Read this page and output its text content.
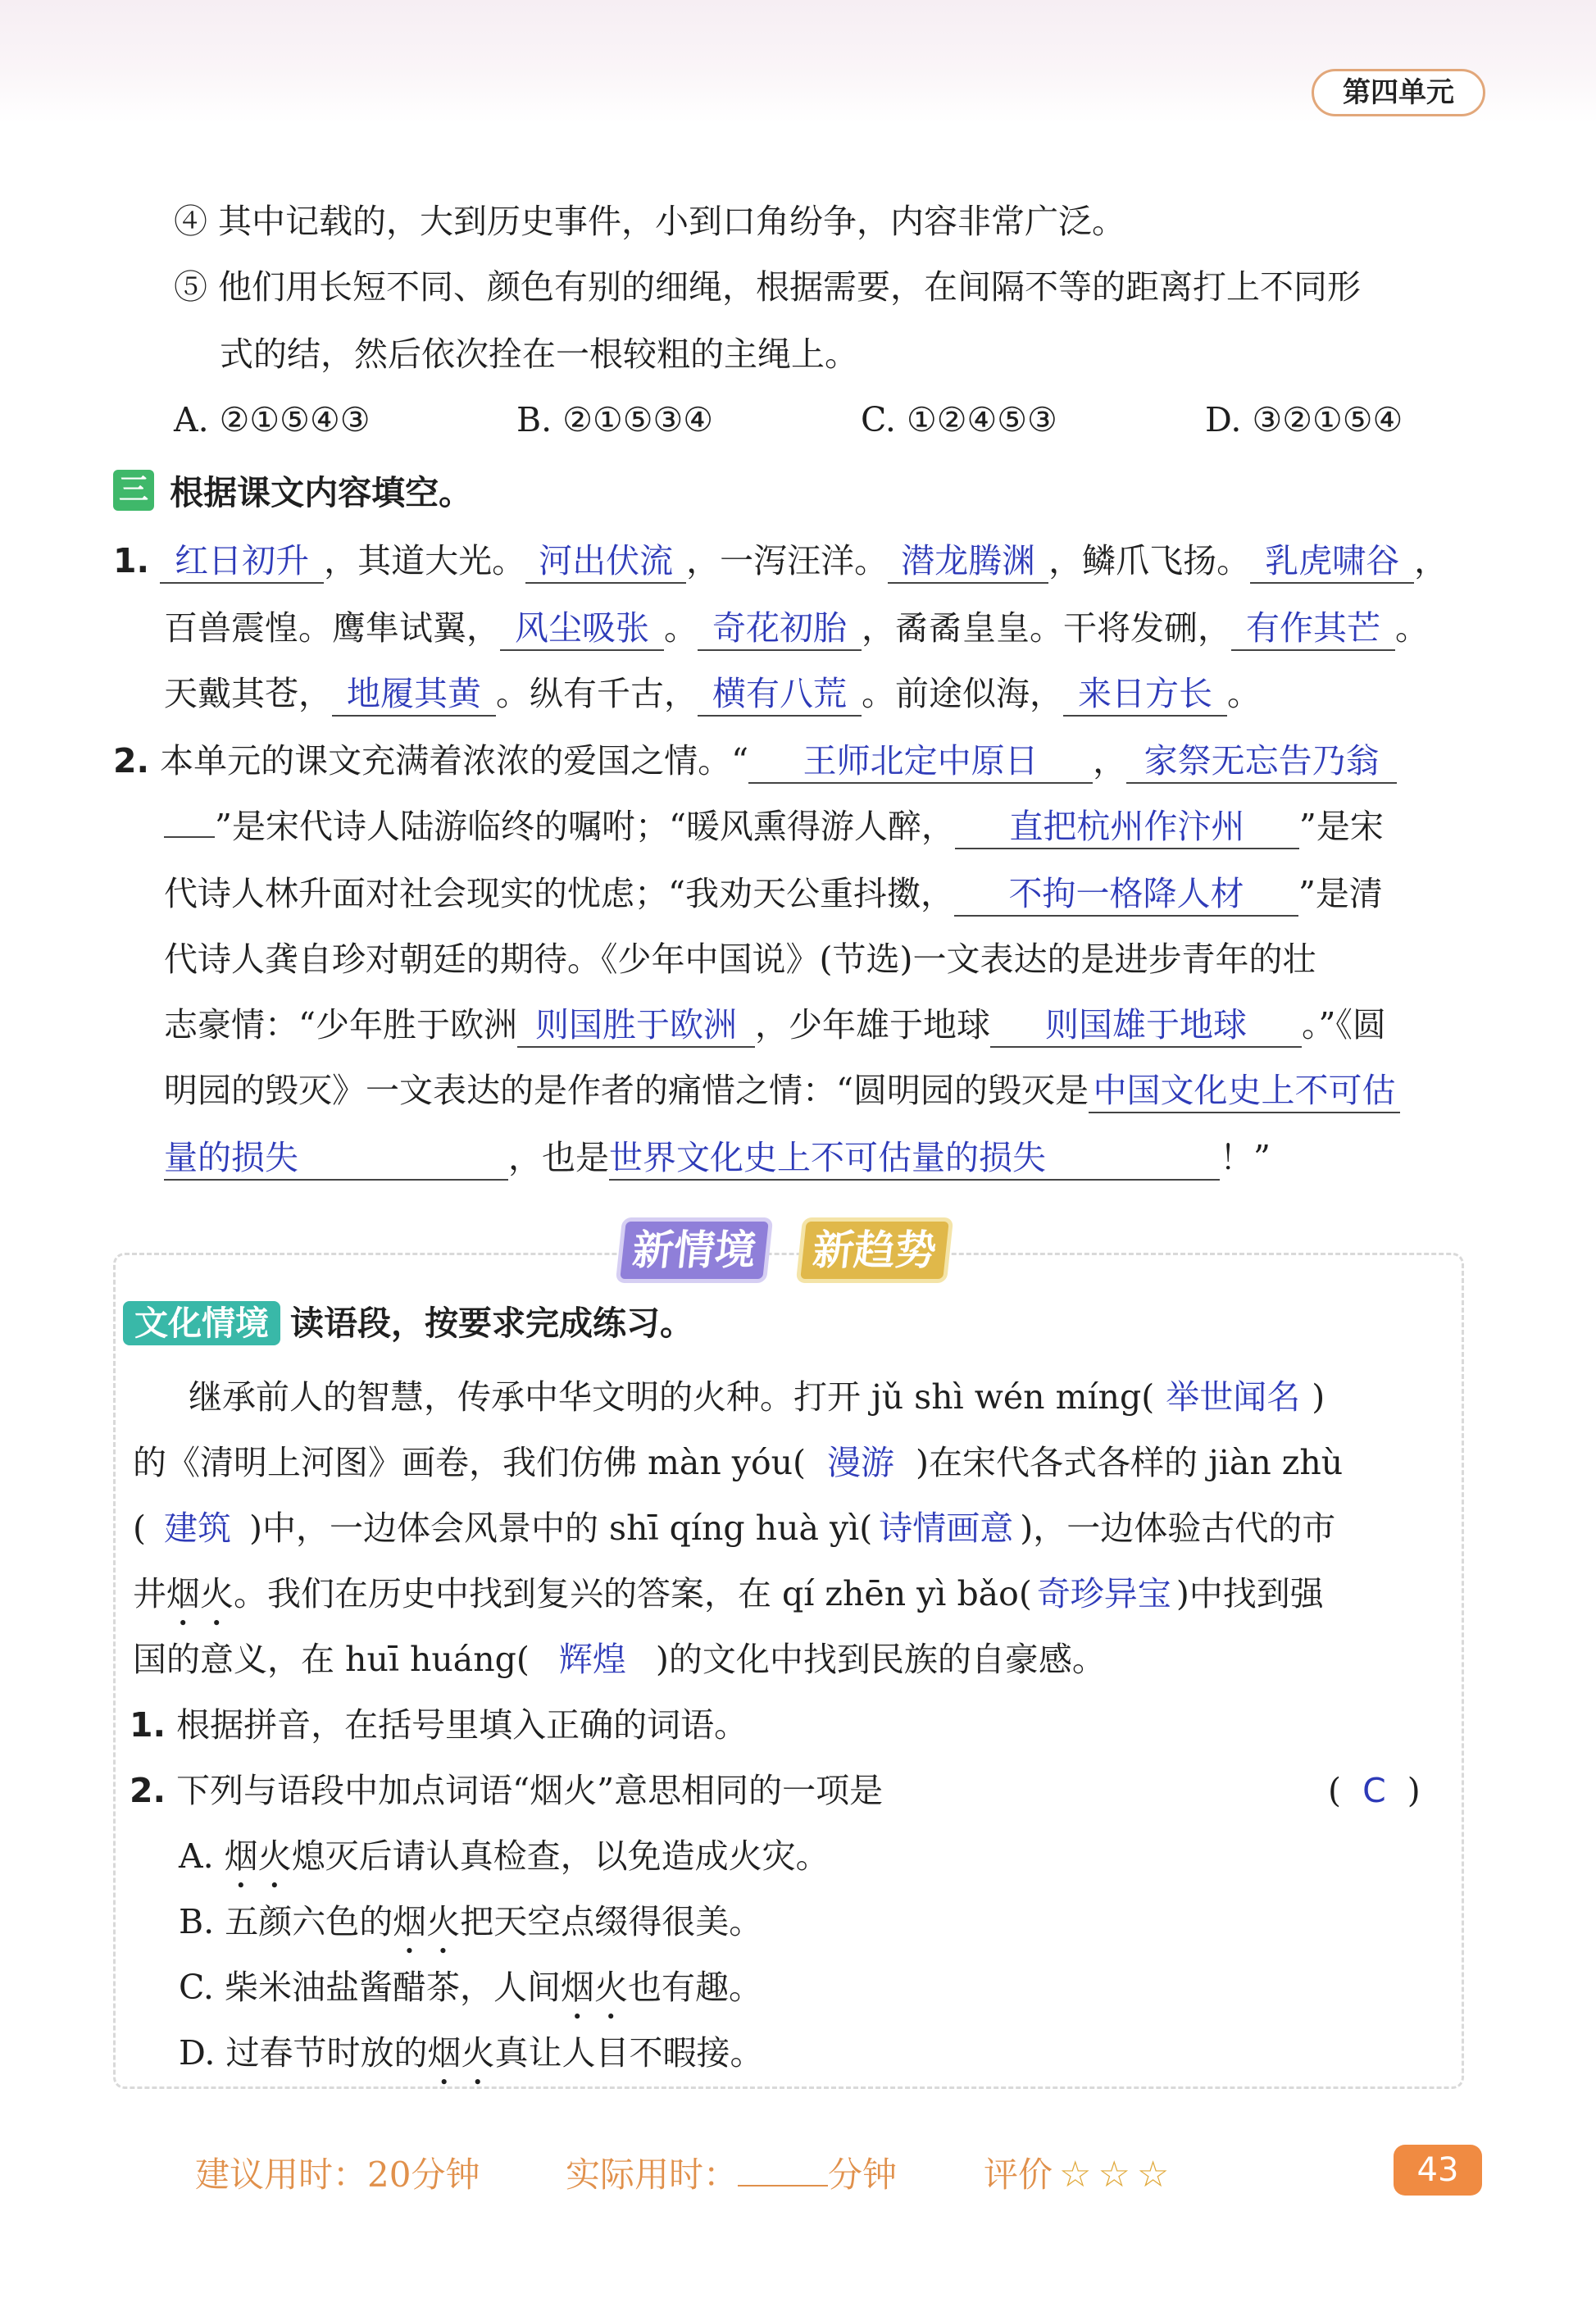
第四单元
④ 其中记载的，大到历史事件，小到口角纷争，内容非常广泛。
⑤ 他们用长短不同、颜色有别的细绳，根据需要，在间隔不等的距离打上不同形
式的结，然后依次拴在一根较粗的主绳上。
A. ②①⑤④③	B. ②①⑤③④	C. ①②④⑤③	D. ③②①⑤④
三 根据课文内容填空。
1. 红日初升 ，其道大光。 河出伏流 ，一泻汪洋。 潜龙腾渊 ，鳞爪飞扬。 乳虎啸谷 ，
百兽震惶。鹰隼试翼， 风尘吸张 。 奇花初胎 ，矞矞皇皇。干将发硎， 有作其芒 。
天戴其苍， 地履其黄 。纵有千古， 横有八荒 。前途似海， 来日方长 。
2. 本单元的课文充满着浓浓的爱国之情。“ 王师北定中原日 ， 家祭无忘告乃翁
”是宋代诗人陆游临终的嘱咐；“暖风熏得游人醉， 直把杭州作汴州 ”是宋
代诗人林升面对社会现实的忧虑；“我劝天公重抖擞， 不拘一格降人材 ”是清
代诗人龚自珍对朝廷的期待。《少年中国说》(节选)一文表达的是进步青年的壮
志豪情：“少年胜于欧洲 则国胜于欧洲 ，少年雄于地球 则国雄于地球 。”《圆
明园的毁灭》一文表达的是作者的痛惜之情：“圆明园的毁灭是 中国文化史上不可估
量的损失	，也是世界文化史上不可估量的损失	！”
新情境 新趋势
文化情境 读语段，按要求完成练习。
继承前人的智慧，传承中华文明的火种。打开 jǔ shì wén míng( 举世闻名 )
的《清明上河图》画卷，我们仿佛 màn yóu( 漫游 )在宋代各式各样的 jiàn zhù
( 建筑 )中，一边体会风景中的 shī qíng huà yì( 诗情画意 )，一边体验古代的市
井烟火。我们在历史中找到复兴的答案，在 qí zhēn yì bǎo( 奇珍异宝 )中找到强
国的意义，在 huī huáng( 辉煌 )的文化中找到民族的自豪感。
1. 根据拼音，在括号里填入正确的词语。
2. 下列与语段中加点词语“烟火”意思相同的一项是	(  C  )
A. 烟火熄灭后请认真检查，以免造成火灾。
B. 五颜六色的烟火把天空点缀得很美。
C. 柴米油盐酱醋茶，人间烟火也有趣。
D. 过春节时放的烟火真让人目不暇接。
建议用时：20分钟 实际用时：	分钟	评价 ☆ ☆ ☆	43
